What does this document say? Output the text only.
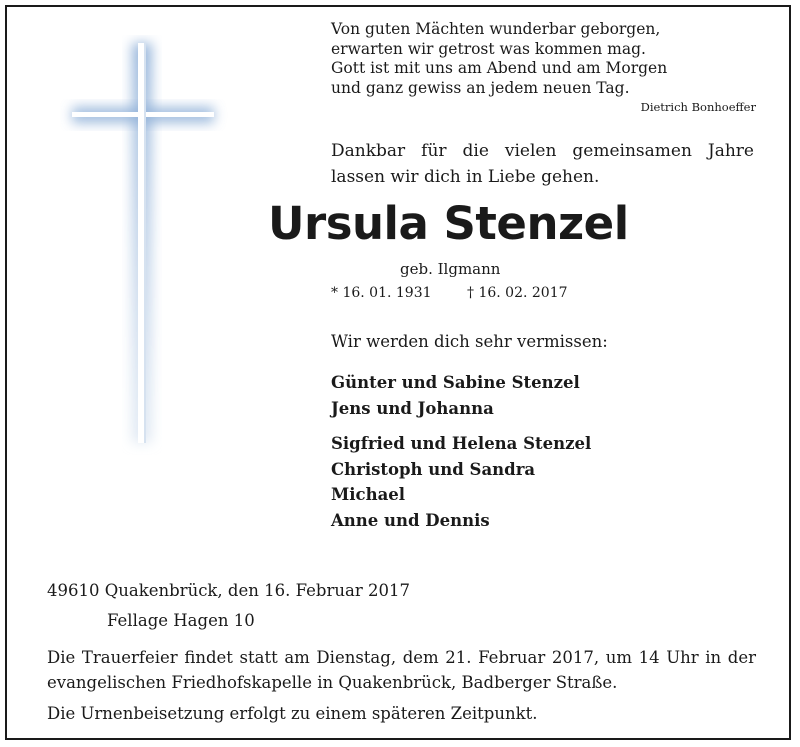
Von guten Mächten wunderbar geborgen,
erwarten wir getrost was kommen mag.
Gott ist mit uns am Abend und am Morgen
und ganz gewiss an jedem neuen Tag.
Dietrich Bonhoeffer
Dankbar für die vielen gemeinsamen Jahre lassen wir dich in Liebe gehen.
Ursula Stenzel
geb. Ilgmann
* 16. 01. 1931	† 16. 02. 2017
Wir werden dich sehr vermissen:
Günter und Sabine Stenzel
Jens und Johanna
Sigfried und Helena Stenzel
Christoph und Sandra
Michael
Anne und Dennis
49610 Quakenbrück, den 16. Februar 2017
Fellage Hagen 10
Die Trauerfeier findet statt am Dienstag, dem 21. Februar 2017, um 14 Uhr in der evangelischen Friedhofskapelle in Quakenbrück, Badberger Straße.
Die Urnenbeisetzung erfolgt zu einem späteren Zeitpunkt.
